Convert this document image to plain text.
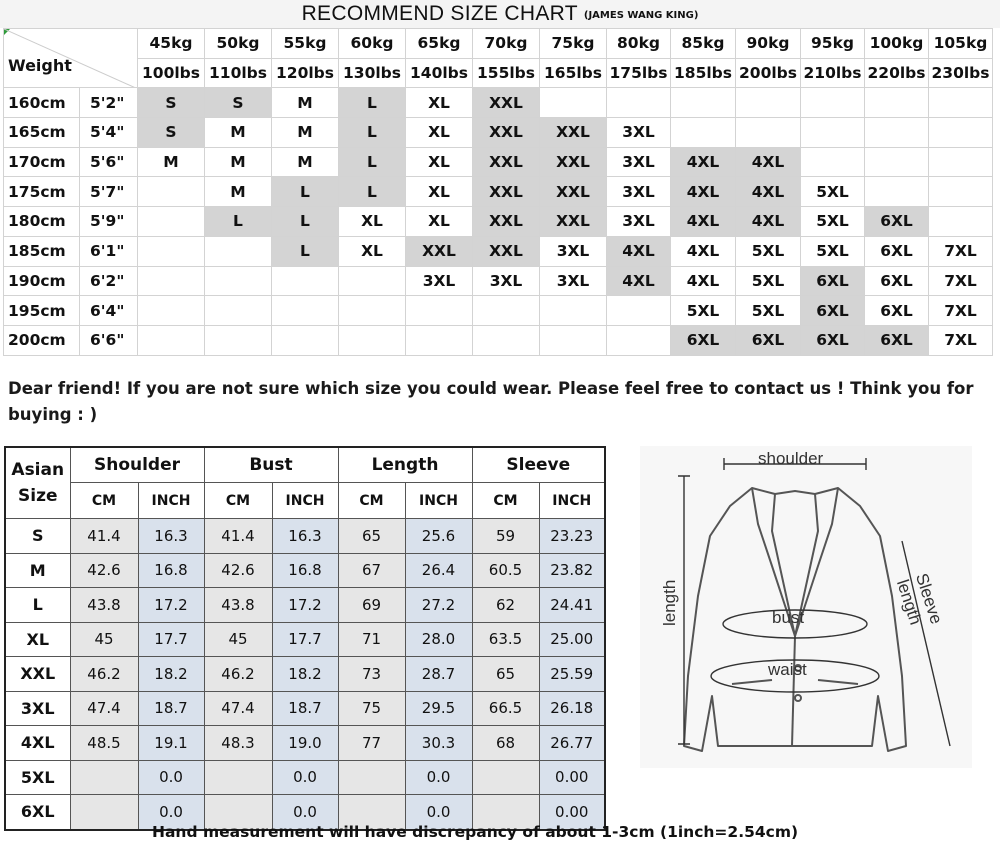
RECOMMEND SIZE CHART (JAMES WANG KING)
Weight		45kg	50kg	55kg	60kg	65kg	70kg	75kg	80kg	85kg	90kg	95kg	100kg	105kg
		100lbs	110lbs	120lbs	130lbs	140lbs	155lbs	165lbs	175lbs	185lbs	200lbs	210lbs	220lbs	230lbs
160cm	5'2"	S	S	M	L	XL	XXL							
165cm	5'4"	S	M	M	L	XL	XXL	XXL	3XL					
170cm	5'6"	M	M	M	L	XL	XXL	XXL	3XL	4XL	4XL			
175cm	5'7"		M	L	L	XL	XXL	XXL	3XL	4XL	4XL	5XL		
180cm	5'9"		L	L	XL	XL	XXL	XXL	3XL	4XL	4XL	5XL	6XL	
185cm	6'1"			L	XL	XXL	XXL	3XL	4XL	4XL	5XL	5XL	6XL	7XL
190cm	6'2"					3XL	3XL	3XL	4XL	4XL	5XL	6XL	6XL	7XL
195cm	6'4"									5XL	5XL	6XL	6XL	7XL
200cm	6'6"									6XL	6XL	6XL	6XL	7XL
Dear friend! If you are not sure which size you could wear. Please feel free to contact us ! Think you for buying : )
Asian
Size	Shoulder		Bust		Length		Sleeve	
	CM	INCH	CM	INCH	CM	INCH	CM	INCH
S	41.4	16.3	41.4	16.3	65	25.6	59	23.23
M	42.6	16.8	42.6	16.8	67	26.4	60.5	23.82
L	43.8	17.2	43.8	17.2	69	27.2	62	24.41
XL	45	17.7	45	17.7	71	28.0	63.5	25.00
XXL	46.2	18.2	46.2	18.2	73	28.7	65	25.59
3XL	47.4	18.7	47.4	18.7	75	29.5	66.5	26.18
4XL	48.5	19.1	48.3	19.0	77	30.3	68	26.77
5XL		0.0		0.0		0.0		0.00
6XL		0.0		0.0		0.0		0.00
Hand measurement will have discrepancy of about 1-3cm (1inch=2.54cm)
shoulder
length	bust
waist
Sleeve length
